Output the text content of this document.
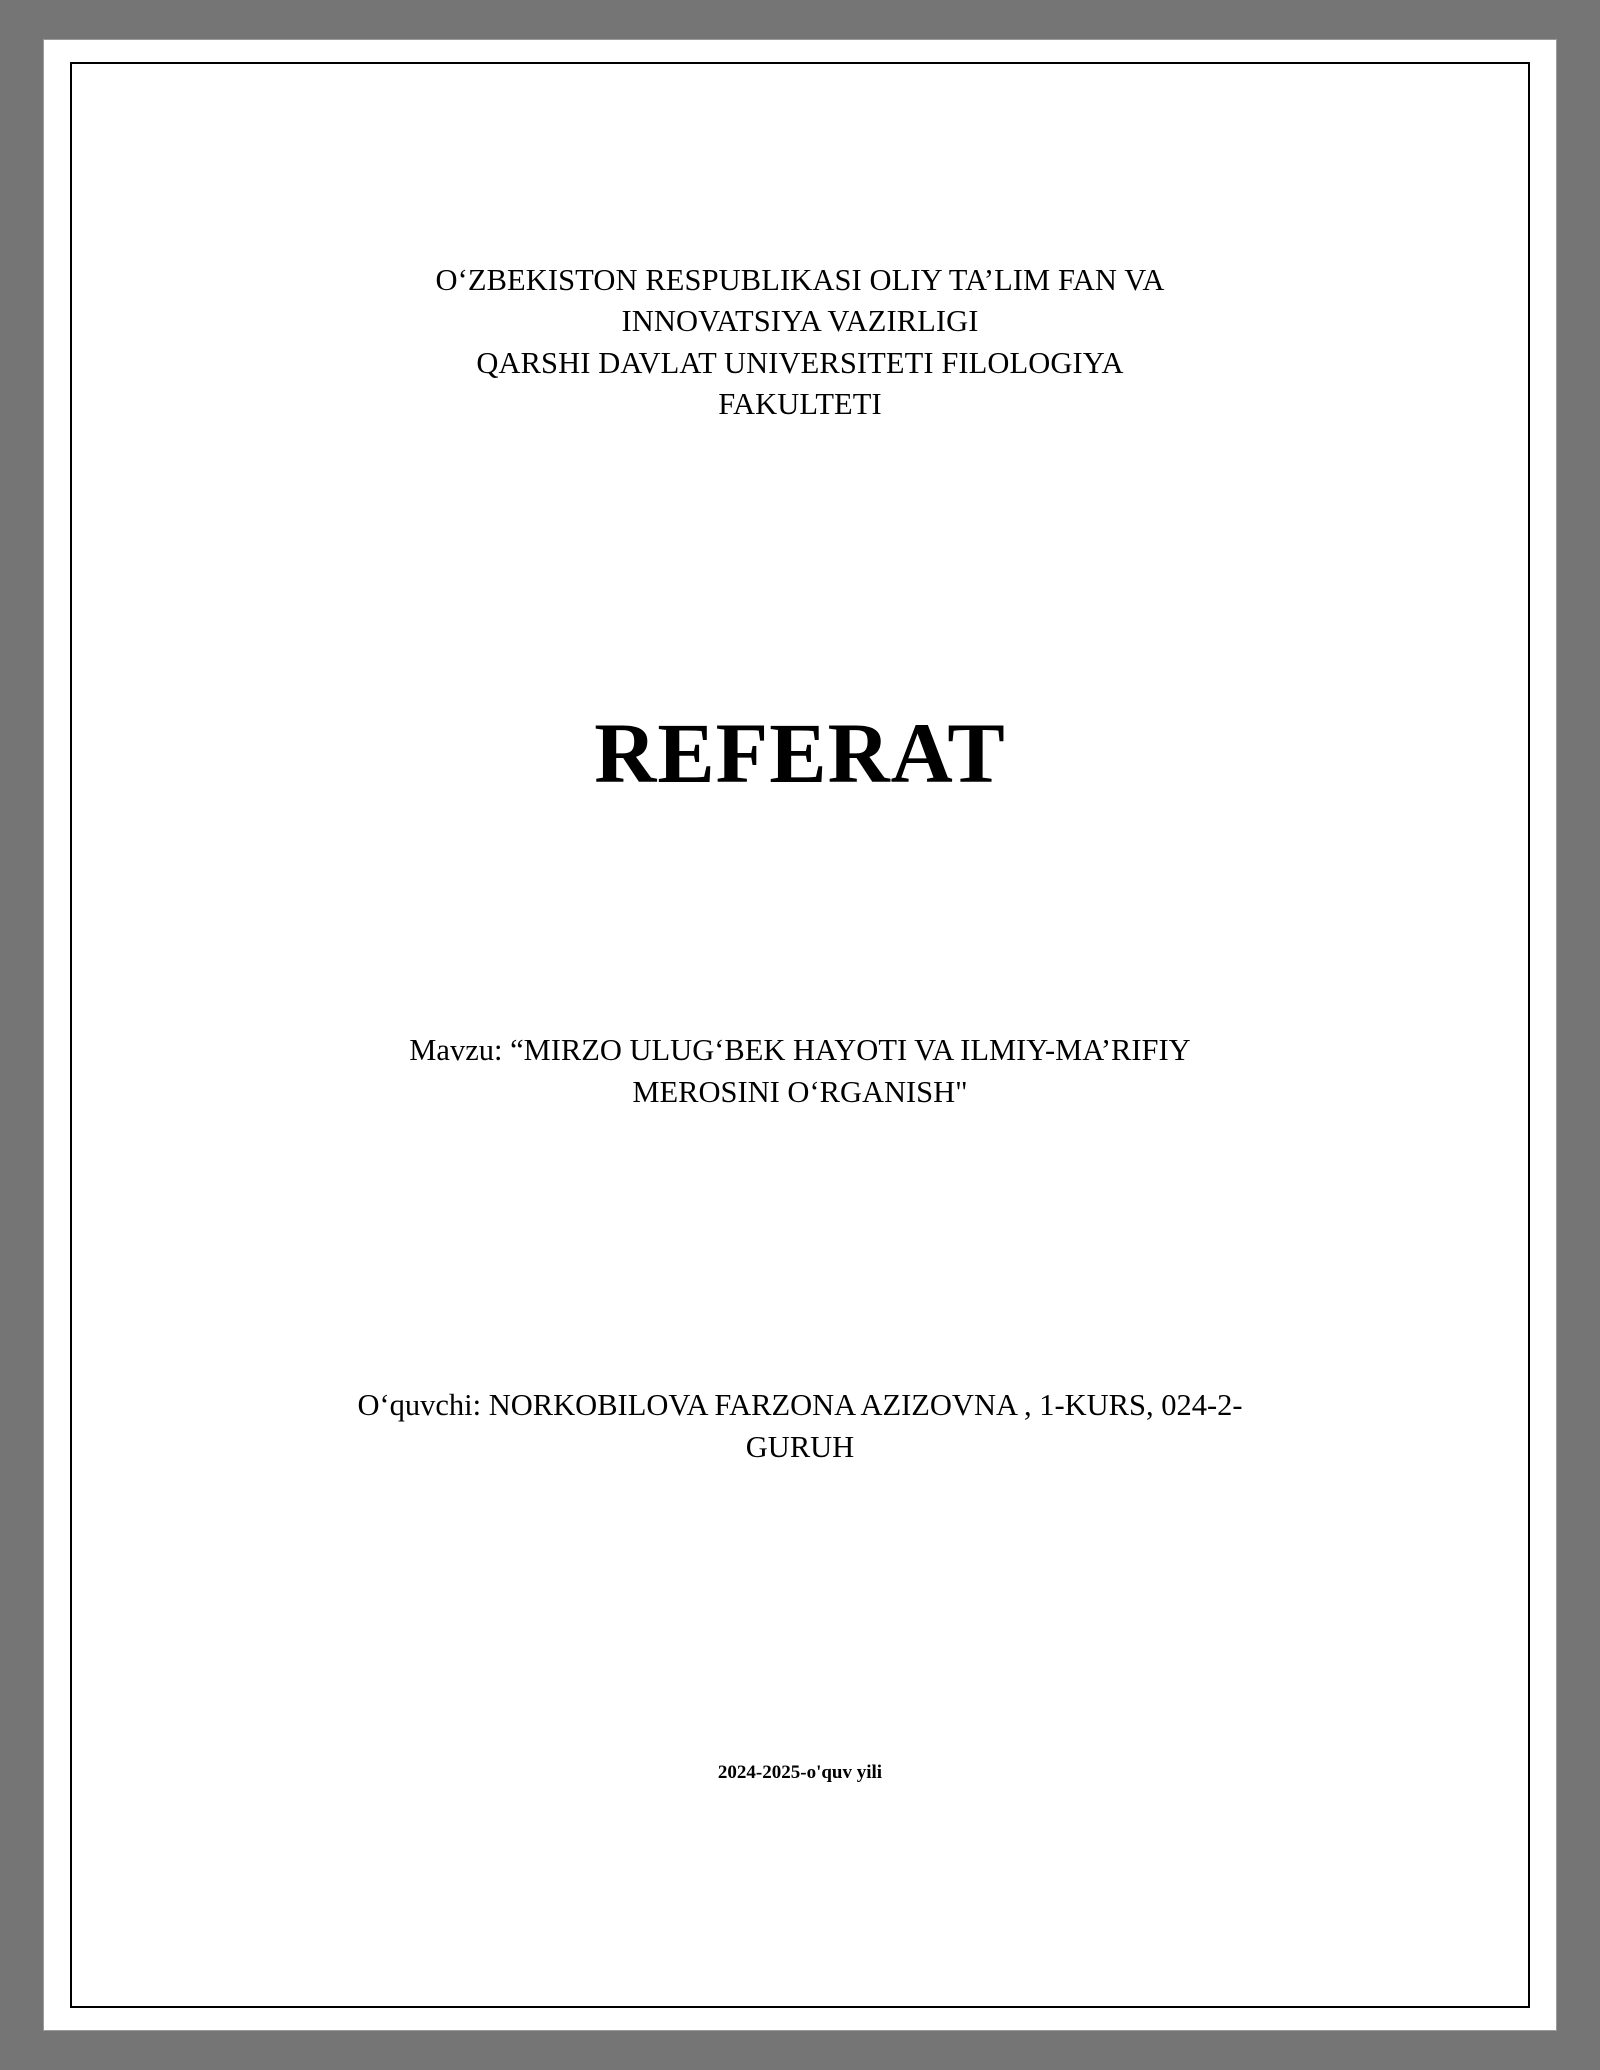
O‘ZBEKISTON RESPUBLIKASI OLIY TA’LIM FAN VA
INNOVATSIYA VAZIRLIGI
QARSHI DAVLAT UNIVERSITETI FILOLOGIYA
FAKULTETI
REFERAT
Mavzu: “MIRZO ULUG‘BEK HAYOTI VA ILMIY-MA’RIFIY
MEROSINI O‘RGANISH"
O‘quvchi: NORKOBILOVA FARZONA AZIZOVNA , 1-KURS, 024-2-
GURUH
2024-2025-o'quv yili
